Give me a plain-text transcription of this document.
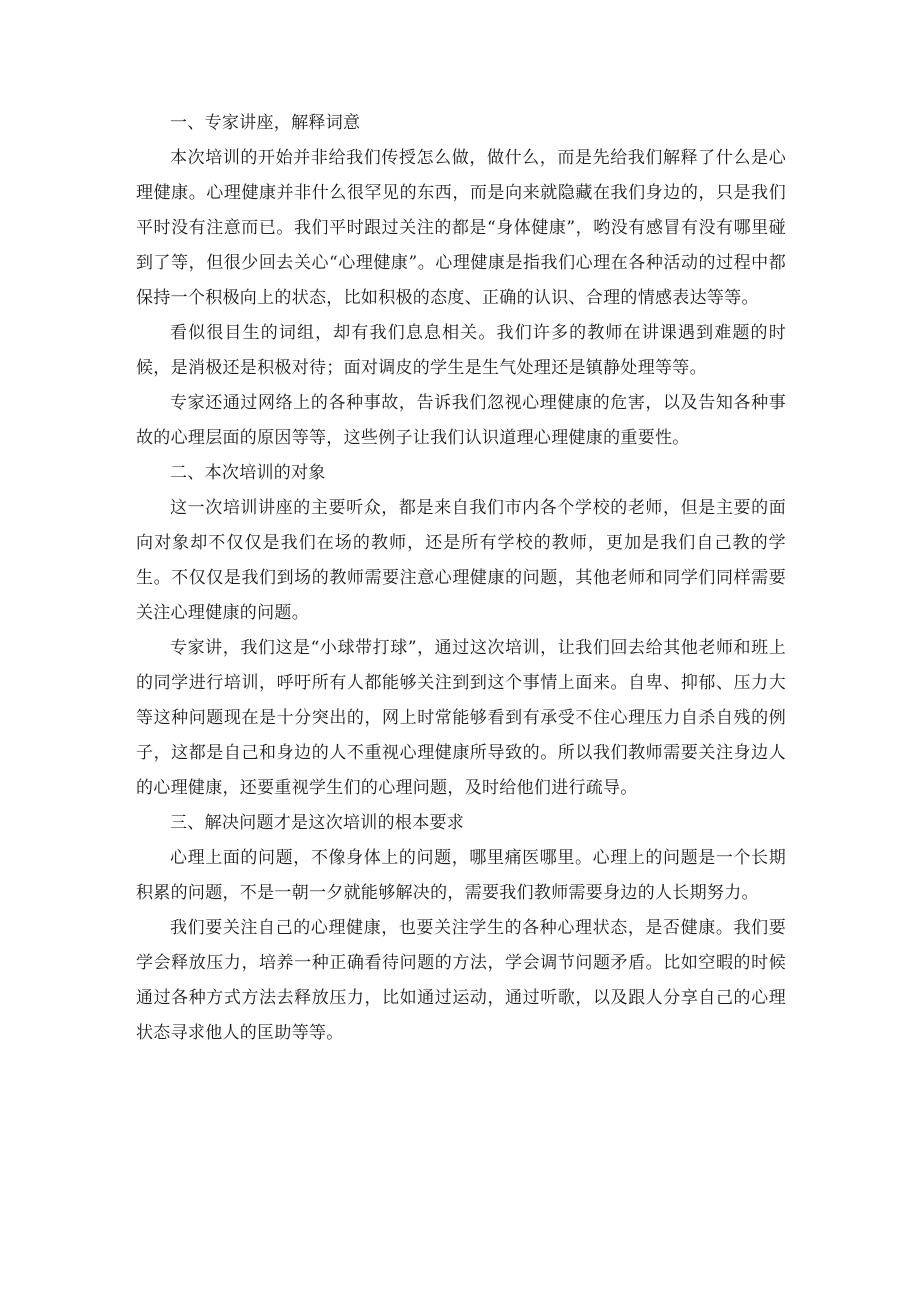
一、专家讲座，解释词意

本次培训的开始并非给我们传授怎么做，做什么，而是先给我们解释了什么是心理健康。心理健康并非什么很罕见的东西，而是向来就隐藏在我们身边的，只是我们平时没有注意而已。我们平时跟过关注的都是“身体健康”，哟没有感冒有没有哪里碰到了等，但很少回去关心“心理健康”。心理健康是指我们心理在各种活动的过程中都保持一个积极向上的状态，比如积极的态度、正确的认识、合理的情感表达等等。

看似很目生的词组，却有我们息息相关。我们许多的教师在讲课遇到难题的时候，是消极还是积极对待；面对调皮的学生是生气处理还是镇静处理等等。

专家还通过网络上的各种事故，告诉我们忽视心理健康的危害，以及告知各种事故的心理层面的原因等等，这些例子让我们认识道理心理健康的重要性。

二、本次培训的对象

这一次培训讲座的主要听众，都是来自我们市内各个学校的老师，但是主要的面向对象却不仅仅是我们在场的教师，还是所有学校的教师，更加是我们自己教的学生。不仅仅是我们到场的教师需要注意心理健康的问题，其他老师和同学们同样需要关注心理健康的问题。

专家讲，我们这是“小球带打球”，通过这次培训，让我们回去给其他老师和班上的同学进行培训，呼吁所有人都能够关注到到这个事情上面来。自卑、抑郁、压力大等这种问题现在是十分突出的，网上时常能够看到有承受不住心理压力自杀自残的例子，这都是自己和身边的人不重视心理健康所导致的。所以我们教师需要关注身边人的心理健康，还要重视学生们的心理问题，及时给他们进行疏导。

三、解决问题才是这次培训的根本要求

心理上面的问题，不像身体上的问题，哪里痛医哪里。心理上的问题是一个长期积累的问题，不是一朝一夕就能够解决的，需要我们教师需要身边的人长期努力。

我们要关注自己的心理健康，也要关注学生的各种心理状态，是否健康。我们要学会释放压力，培养一种正确看待问题的方法，学会调节问题矛盾。比如空暇的时候通过各种方式方法去释放压力，比如通过运动，通过听歌，以及跟人分享自己的心理状态寻求他人的匡助等等。
